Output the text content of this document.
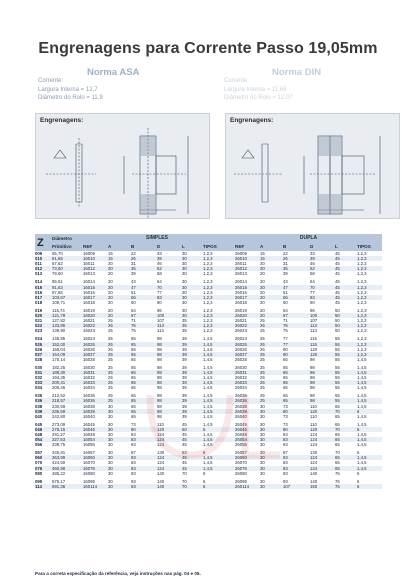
Engrenagens para Corrente Passo 19,05mm
Norma ASA
Corrente:
Largura Interna = 12,7
Diâmetro do Rolo = 11,9
Norma DIN
Corrente:
Largura Interna = 11,68
Diâmetro do Rolo = 12,07
Engrenagens:	Engrenagens:
Z Diâmetro
Primitivo
SIMPLES	DUPLA
REF	A	B	D	L	TIPOS	REF	A	B	D	L	TIPOS
009 55,70	16009	15	22	33	30	1,2,3	26009	15	22	33	45	1,2,3
010 61,65	16010	15	26	39	30	1,2,3	26010	15	26	39	45	1,2,3
011 67,62	16011	20	31	46	30	1,2,3	26011	20	31	46	45	1,2,3
012 73,60	16012	20	35	52	30	1,2,3	26012	20	35	52	45	1,2,3
013 79,60	16013	20	39	58	30	1,2,3	26013	20	39	58	45	1,2,3
014 85,61	16014	20	43	64	30	1,2,3	26014	20	43	64	45	1,2,3
015 91,63	16015	20	47	70	30	1,2,3	26015	20	47	70	45	1,2,3
016 97,65	16016	20	51	77	30	1,2,3	26016	20	51	77	45	1,2,3
017 103,67	16017	20	56	83	30	1,2,3	26017	20	56	83	45	1,2,3
018 109,71	16018	20	60	90	30	1,2,3	26018	20	60	90	45	1,2,3
019 115,74	16019	20	64	96	30	1,2,3	26019	20	64	96	50	1,2,3
020 121,78	16020	20	67	100	30	1,2,3	26020	20	67	100	50	1,2,3
021 127,82	16021	25	71	107	35	1,2,3	26021	25	71	107	50	1,2,3
022 133,86	16022	25	75	113	35	1,2,3	26022	25	75	113	50	1,2,3
023 139,90	16023	25	75	113	35	1,2,3	26023	25	75	113	50	1,2,3
024 145,95	16024	25	65	98	39	1,4,5	26024	25	77	115	55	1,2,3
025 152,00	16025	25	65	98	39	1,4,5	26025	25	77	115	55	1,2,3
026 158,04	16026	25	65	98	39	1,4,5	26026	25	80	120	55	1,2,3
027 164,09	16027	25	65	98	39	1,4,5	26027	25	80	120	55	1,2,3
028 170,14	16028	25	65	98	39	1,4,5	26028	25	65	98	55	1,4,5
030 182,25	16030	25	65	98	39	1,4,5	26030	25	65	98	55	1,4,5
031 188,30	16031	25	65	98	39	1,4,5	26031	25	65	98	55	1,4,5
032 194,35	16032	25	65	98	39	1,4,5	26032	25	65	98	55	1,4,5
033 200,41	16033	25	65	98	39	1,4,5	26033	25	65	98	55	1,4,5
034 206,46	16034	25	65	98	39	1,4,5	26034	25	65	98	55	1,4,5
035 212,52	16035	25	65	98	39	1,4,5	26035	25	65	98	55	1,4,5
036 218,57	16036	25	65	98	39	1,4,5	26036	25	65	98	55	1,4,5
038 230,69	16038	30	65	98	39	1,4,5	26038	30	73	110	65	1,4,5
039 236,69	16039	30	65	98	39	1,4,5	26039	30	80	120	70	6
040 242,80	16040	30	65	98	39	1,4,5	26040	30	73	110	65	1,4,5
045 273,09	16045	30	73	110	45	1,4,5	26045	30	73	110	65	1,4,5
046 279,15	16046	30	80	120	60	6	26046	30	80	120	70	6
048 291,27	16048	30	83	124	45	1,4,5	26048	30	83	124	65	1,4,5
054 327,63	16054	30	83	124	45	1,4,5	26054	30	83	124	65	1,4,5
056 339,75	16056	30	83	124	45	1,4,5	26056	30	83	124	65	1,4,5
057 345,81	16057	30	87	130	63	6	26057	30	87	130	70	6
060 363,99	16060	30	83	124	45	1,4,5	26060	30	83	124	65	1,4,5
070 424,60	16070	30	83	124	45	1,4,5	26070	30	83	124	65	1,4,5
076 460,98	16076	30	83	124	45	1,4,5	26076	30	83	124	65	1,4,5
080 485,22	16080	30	93	140	70	6	26080	30	93	140	76	6
095 576,17	16095	30	93	140	70	6	26095	30	93	140	76	6
114 691,36	160114	30	93	140	70	6	260114	30	107	160	76	6
Para a correta especificação da referência, veja instruções nas pág. 04 e 05.
